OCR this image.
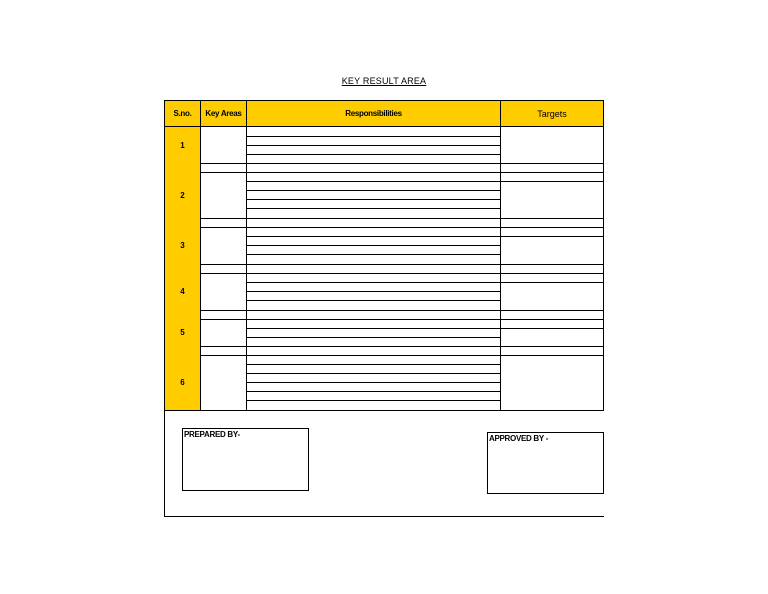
KEY RESULT AREA
S.no.	Key Areas	Responsibilities	Targets
1
2
3
4
5
6
PREPARED BY-	APPROVED BY -
